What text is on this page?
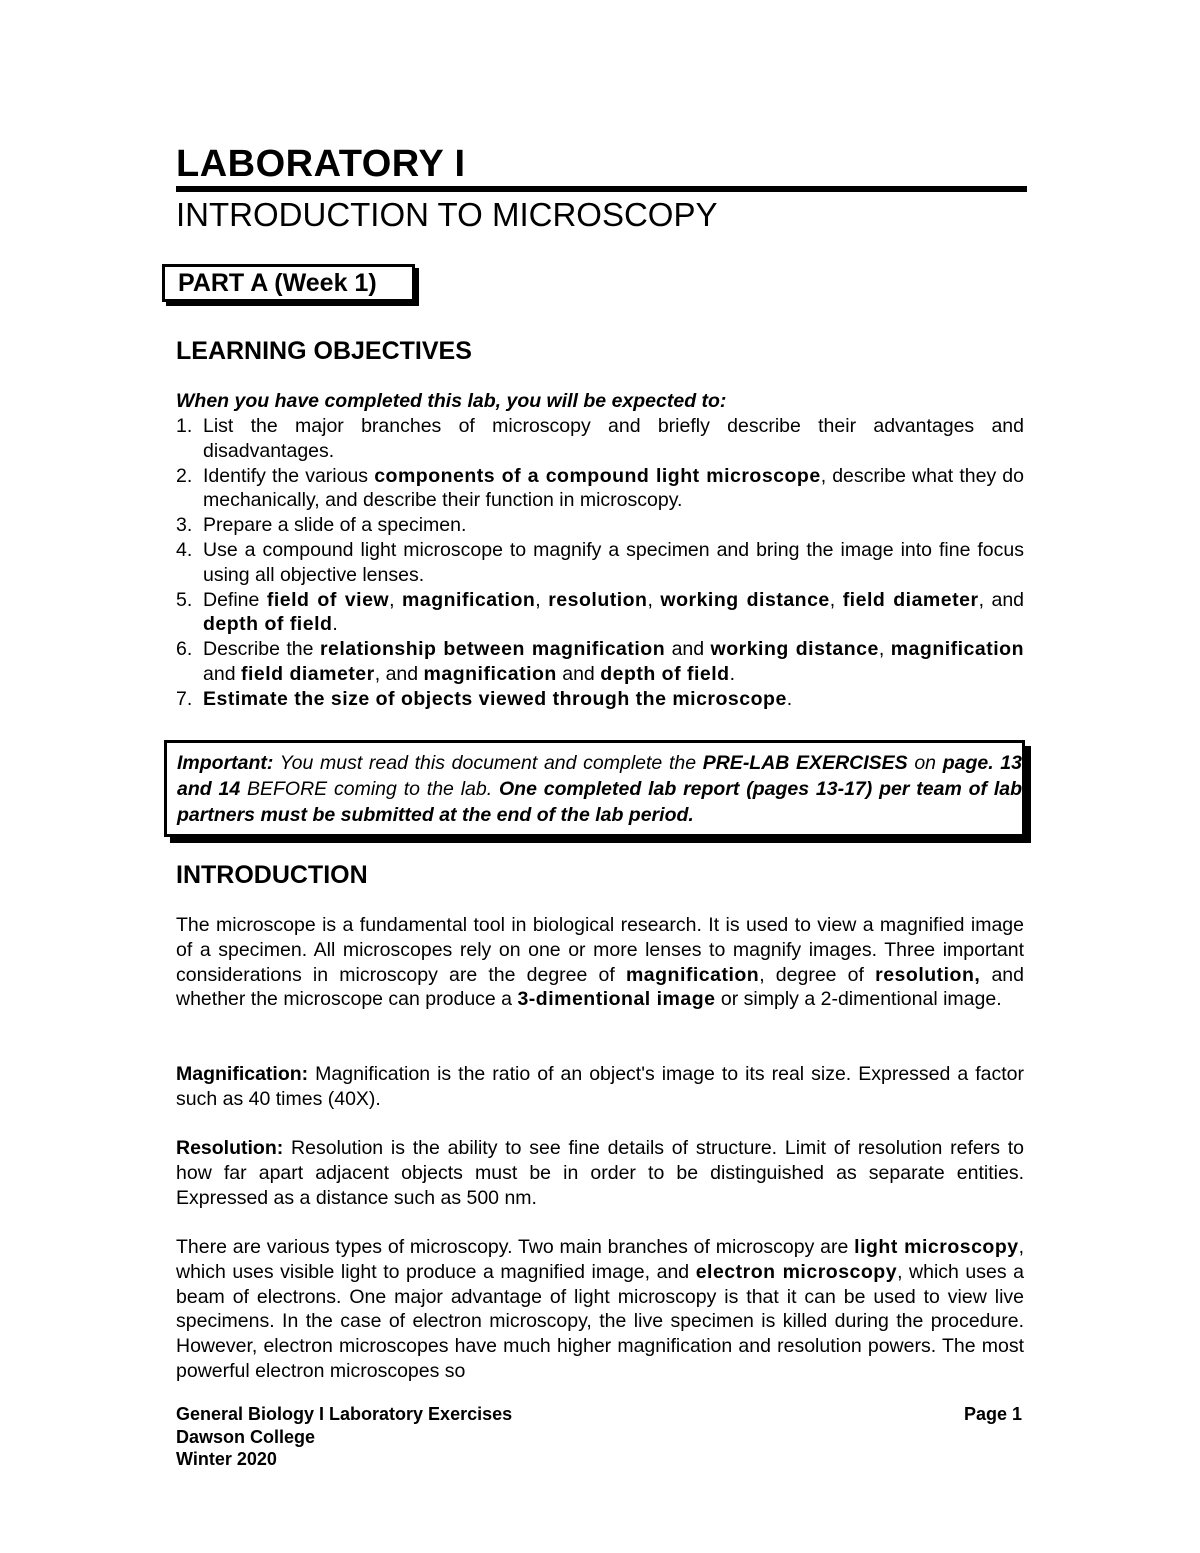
LABORATORY I
INTRODUCTION TO MICROSCOPY
PART A (Week 1)
LEARNING OBJECTIVES

When you have completed this lab, you will be expected to:

1. List the major branches of microscopy and briefly describe their advantages and disadvantages.
2. Identify the various components of a compound light microscope, describe what they do mechanically, and describe their function in microscopy.
3. Prepare a slide of a specimen.
4. Use a compound light microscope to magnify a specimen and bring the image into fine focus using all objective lenses.
5. Define field of view, magnification, resolution, working distance, field diameter, and depth of field.
6. Describe the relationship between magnification and working distance, magnification and field diameter, and magnification and depth of field.
7. Estimate the size of objects viewed through the microscope.

Important: You must read this document and complete the PRE-LAB EXERCISES on page. 13 and 14 BEFORE coming to the lab. One completed lab report (pages 13-17) per team of lab partners must be submitted at the end of the lab period.

INTRODUCTION

The microscope is a fundamental tool in biological research. It is used to view a magnified image of a specimen. All microscopes rely on one or more lenses to magnify images. Three important considerations in microscopy are the degree of magnification, degree of resolution, and whether the microscope can produce a 3-dimentional image or simply a 2-dimentional image.

Magnification: Magnification is the ratio of an object's image to its real size. Expressed a factor such as 40 times (40X).

Resolution: Resolution is the ability to see fine details of structure. Limit of resolution refers to how far apart adjacent objects must be in order to be distinguished as separate entities. Expressed as a distance such as 500 nm.

There are various types of microscopy. Two main branches of microscopy are light microscopy, which uses visible light to produce a magnified image, and electron microscopy, which uses a beam of electrons. One major advantage of light microscopy is that it can be used to view live specimens. In the case of electron microscopy, the live specimen is killed during the procedure. However, electron microscopes have much higher magnification and resolution powers. The most powerful electron microscopes so

General Biology I Laboratory Exercises
Dawson College
Winter 2020
Page 1
